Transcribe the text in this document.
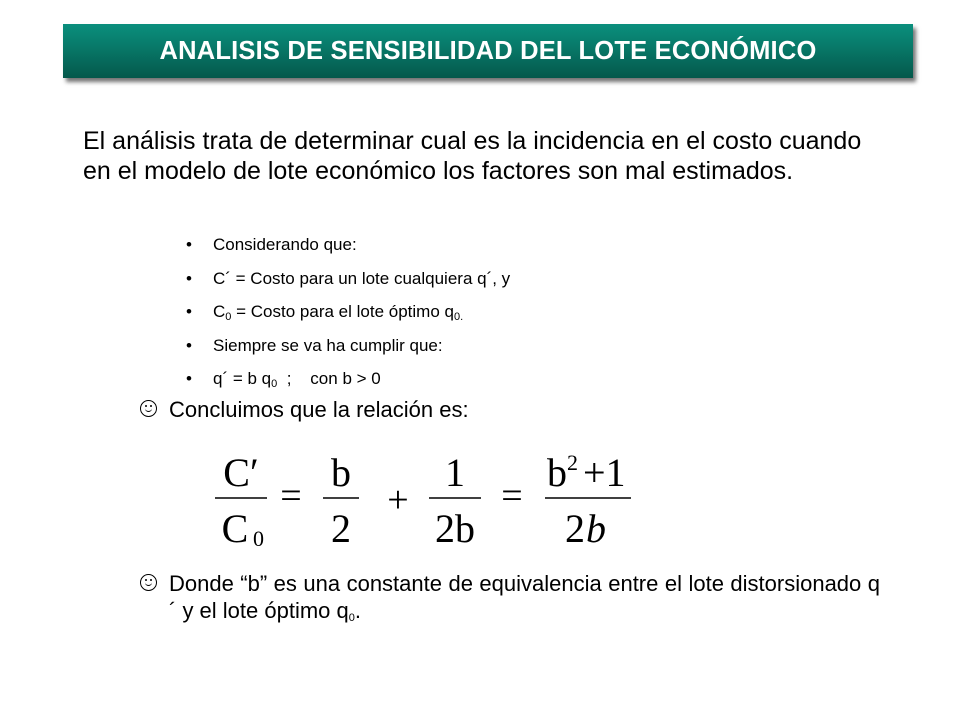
ANALISIS DE SENSIBILIDAD DEL LOTE ECONÓMICO
El análisis trata de determinar cual es la incidencia en el costo cuando en el modelo de lote económico los factores son mal estimados.
• Considerando que:
• C´ = Costo para un lote cualquiera q´, y
• $C_0$ = Costo para el lote óptimo $q_{0.}$
• Siempre se va ha cumplir que:
• q´ = b $q_0$  ;    con b > 0
Concluimos que la relación es:
C′
C 0
=
b
2
+
1
2b
=
b 2 +1
2 b
Donde “b” es una constante de equivalencia entre el lote distorsionado q´ y el lote óptimo $q_0$.
